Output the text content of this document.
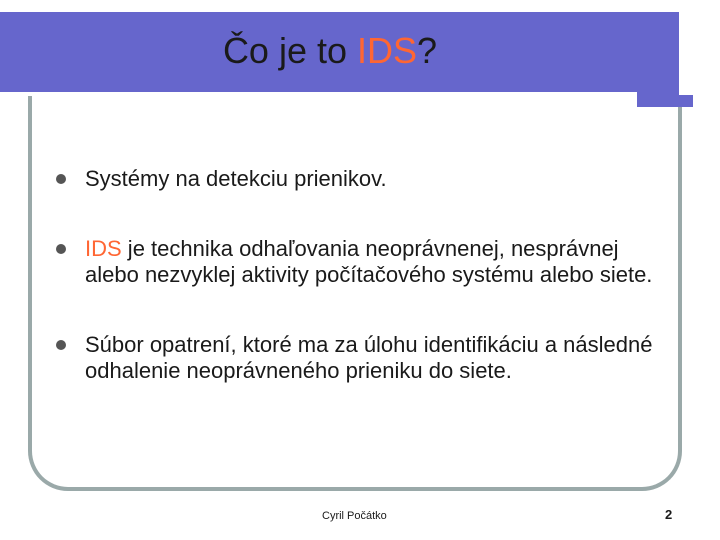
Čo je to IDS?
Systémy na detekciu prienikov.
IDS je technika odhaľovania neoprávnenej, nesprávnej alebo nezvyklej aktivity počítačového systému alebo siete.
Súbor opatrení, ktoré ma za úlohu identifikáciu a následné odhalenie neoprávneného prieniku do siete.
Cyril Počátko	2
